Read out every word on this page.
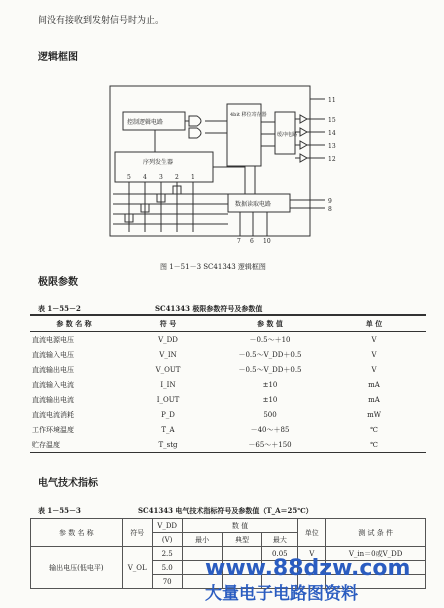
间没有接收到发射信号时为止。
逻辑框图
控制逻辑电路
序列发生器
数据读取电路
4bit 移位寄存器
缓冲电路
5 4 3 2 1
11
15
14
13
12
9
8
7 6 10
图 1－51－3 SC41343 逻辑框图
极限参数
表 1－55－2	SC41343 极限参数符号及参数值
参 数 名 称	符 号	参 数 值	单 位
直流电源电压	V_DD	－0.5～＋10	V
直流输入电压	V_IN	－0.5～V_DD＋0.5	V
直流输出电压	V_OUT	－0.5～V_DD＋0.5	V
直流输入电流	I_IN	±10	mA
直流输出电流	I_OUT	±10	mA
直流电流消耗	P_D	500	mW
工作环境温度	T_A	－40～＋85	℃
贮存温度	T_stg	－65～＋150	℃
电气技术指标
表 1－55－3	SC41343 电气技术指标符号及参数值（T_A＝25℃）
参 数 名 称	符号	V_DD	数 值			单位	测 试 条 件
		(V)	最小	典型	最大		
输出电压(低电平)	V_OL	2.5			0.05	V	V_in＝0或V_DD
		5.0					
		70					
www.88dzw.com
大量电子电路图资料
